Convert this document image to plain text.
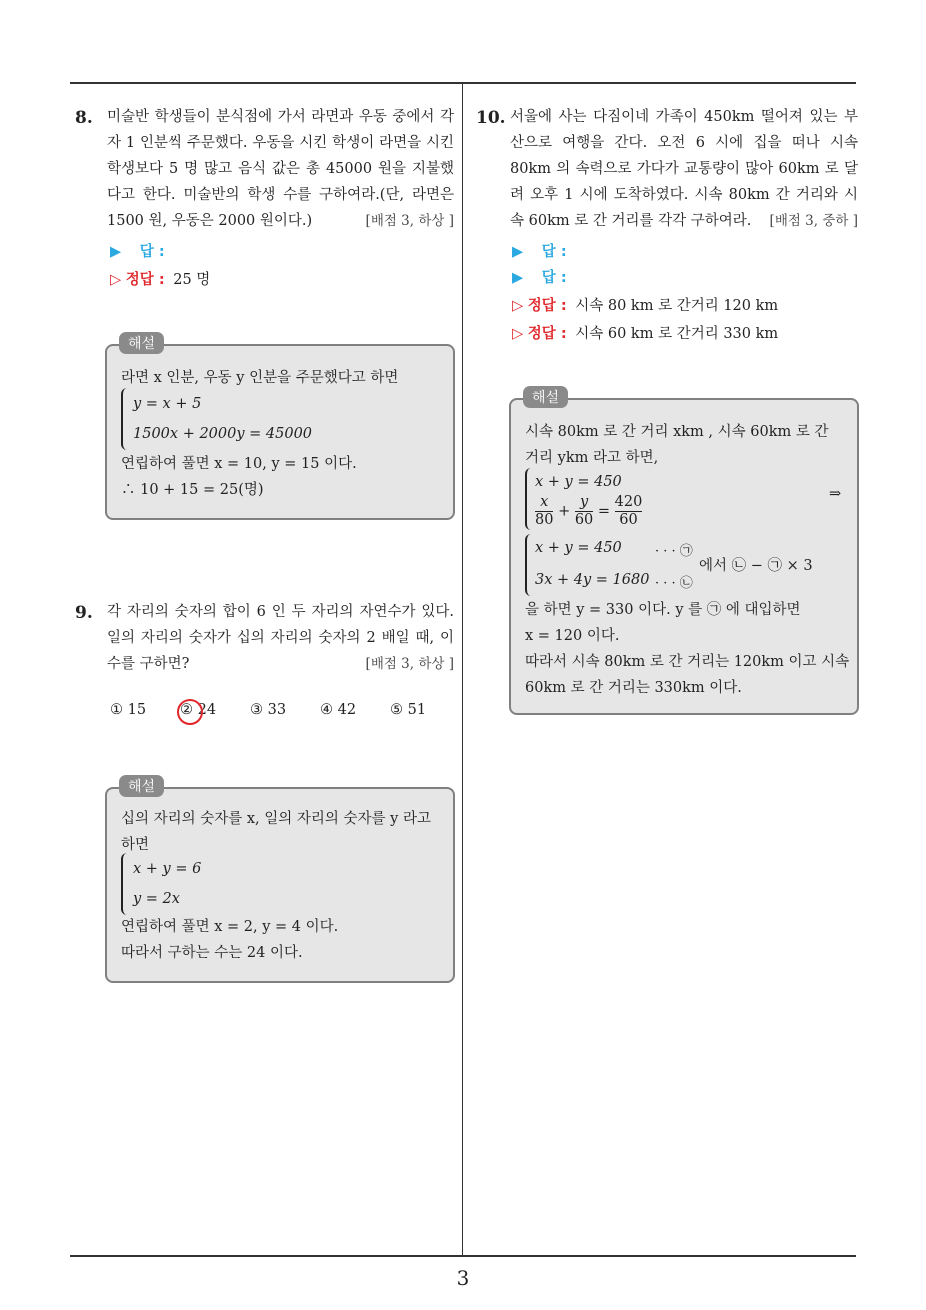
3
8. 미술반 학생들이 분식점에 가서 라면과 우동 중에서 각자 1 인분씩 주문했다. 우동을 시킨 학생이 라면을 시킨 학생보다 5 명 많고 음식 값은 총 45000 원을 지불했다고 한다. 미술반의 학생 수를 구하여라.(단, 라면은 1500 원, 우동은 2000 원이다.)	[배점 3, 하상 ]
▶ 답 :
▷ 정답 : 25 명
해설
라면 x 인분, 우동 y 인분을 주문했다고 하면
y = x + 5
1500x + 2000y = 45000
연립하여 풀면 x = 10, y = 15 이다.
∴ 10 + 15 = 25(명)
9. 각 자리의 숫자의 합이 6 인 두 자리의 자연수가 있다. 일의 자리의 숫자가 십의 자리의 숫자의 2 배일 때, 이 수를 구하면?	[배점 3, 하상 ]
① 15 ② 24 ③ 33 ④ 42 ⑤ 51
해설
십의 자리의 숫자를 x, 일의 자리의 숫자를 y 라고
하면
x + y = 6
y = 2x
연립하여 풀면 x = 2, y = 4 이다.
따라서 구하는 수는 24 이다.
10. 서울에 사는 다짐이네 가족이 450km 떨어져 있는 부산으로 여행을 간다. 오전 6 시에 집을 떠나 시속 80km 의 속력으로 가다가 교통량이 많아 60km 로 달려 오후 1 시에 도착하였다. 시속 80km 간 거리와 시속 60km 로 간 거리를 각각 구하여라. [배점 3, 중하 ]
▶ 답 :
▶ 답 :
▷ 정답 : 시속 80 km 로 간거리 120 km
▷ 정답 : 시속 60 km 로 간거리 330 km
해설
시속 80km 로 간 거리 xkm , 시속 60km 로 간
거리 ykm 라고 하면,
x + y = 450
$\frac{x}{80} + \frac{y}{60} = \frac{420}{60}$	⇒
x + y = 450	· · · ㉠
3x + 4y = 1680 · · · ㉡
에서 ㉡ − ㉠ × 3
을 하면 y = 330 이다. y 를 ㉠ 에 대입하면
x = 120 이다.
따라서 시속 80km 로 간 거리는 120km 이고 시속
60km 로 간 거리는 330km 이다.
